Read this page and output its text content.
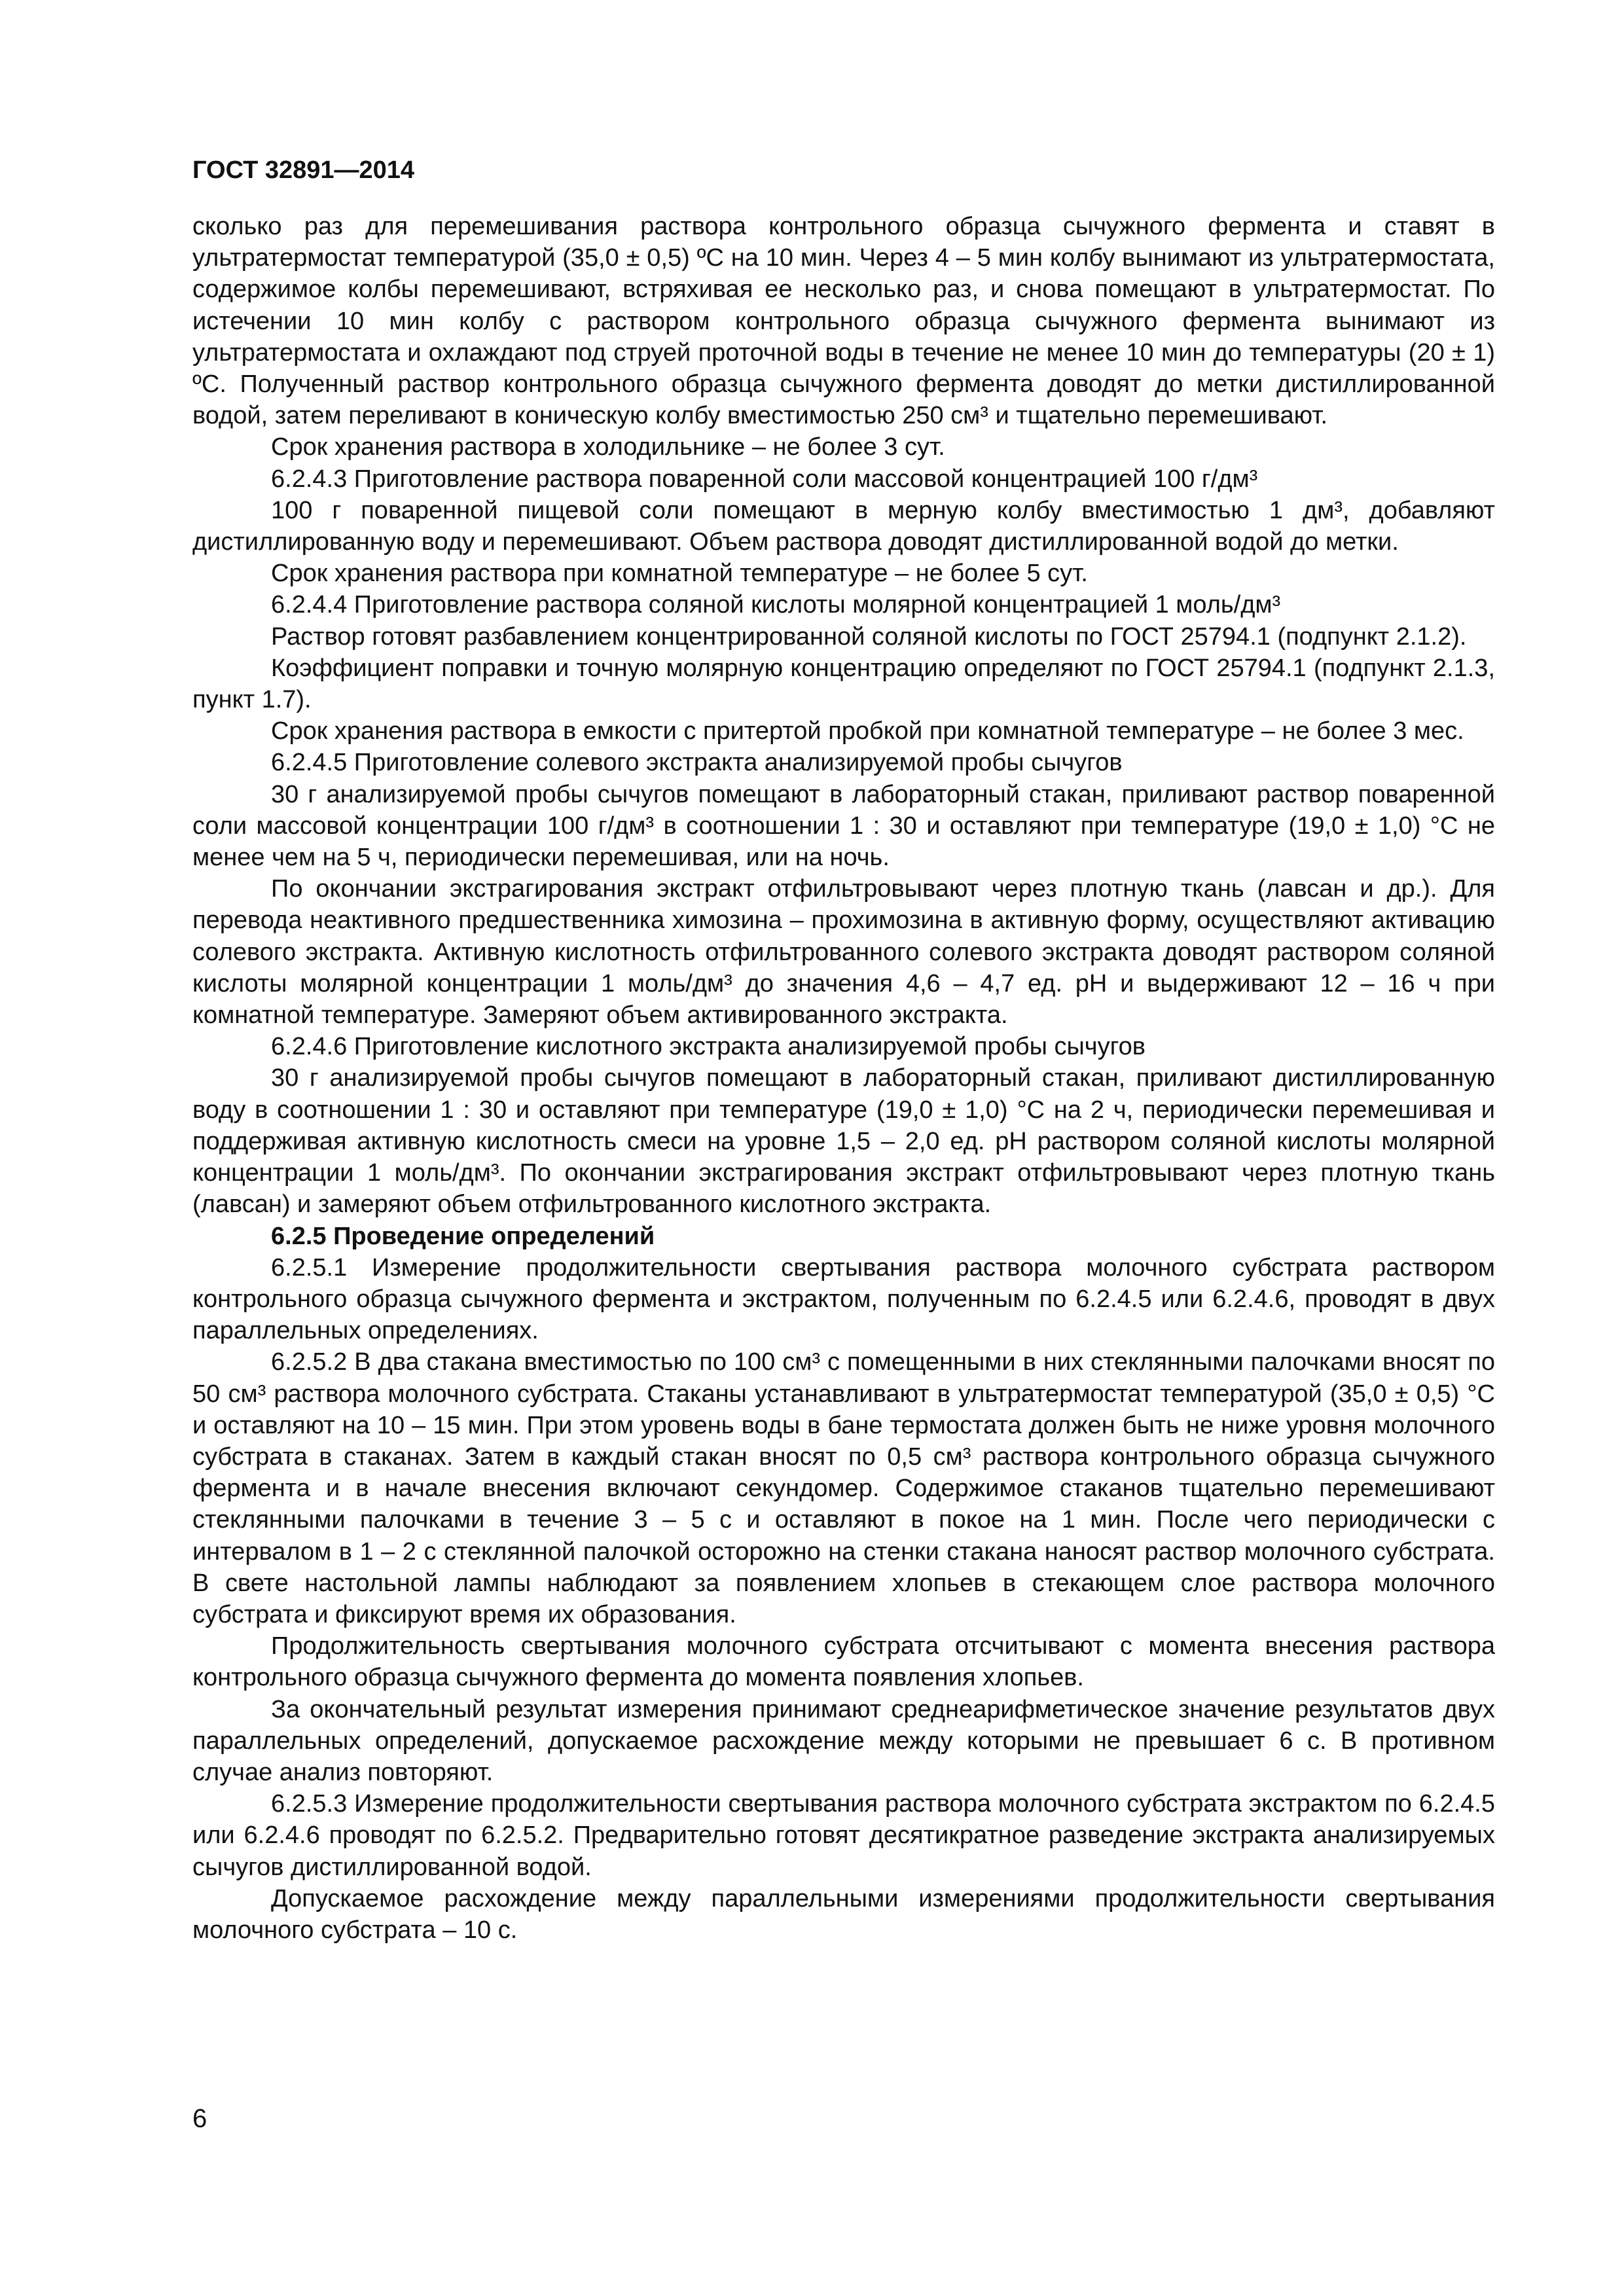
ГОСТ 32891—2014

сколько раз для перемешивания раствора контрольного образца сычужного фермента и ставят в ультратермостат температурой (35,0 ± 0,5) ºС на 10 мин. Через 4 – 5 мин колбу вынимают из ультратермостата, содержимое колбы перемешивают, встряхивая ее несколько раз, и снова помещают в ультратермостат. По истечении 10 мин колбу с раствором контрольного образца сычужного фермента вынимают из ультратермостата и охлаждают под струей проточной воды в течение не менее 10 мин до температуры (20 ± 1) ºС. Полученный раствор контрольного образца сычужного фермента доводят до метки дистиллированной водой, затем переливают в коническую колбу вместимостью 250 см³ и тщательно перемешивают.

Срок хранения раствора в холодильнике – не более 3 сут.

6.2.4.3 Приготовление раствора поваренной соли массовой концентрацией 100 г/дм³

100 г поваренной пищевой соли помещают в мерную колбу вместимостью 1 дм³, добавляют дистиллированную воду и перемешивают. Объем раствора доводят дистиллированной водой до метки.

Срок хранения раствора при комнатной температуре – не более 5 сут.

6.2.4.4 Приготовление раствора соляной кислоты молярной концентрацией 1 моль/дм³

Раствор готовят разбавлением концентрированной соляной кислоты по ГОСТ 25794.1 (подпункт 2.1.2).

Коэффициент поправки и точную молярную концентрацию определяют по ГОСТ 25794.1 (подпункт 2.1.3, пункт 1.7).

Срок хранения раствора в емкости с притертой пробкой при комнатной температуре – не более 3 мес.

6.2.4.5 Приготовление солевого экстракта анализируемой пробы сычугов

30 г анализируемой пробы сычугов помещают в лабораторный стакан, приливают раствор поваренной соли массовой концентрации 100 г/дм³ в соотношении 1 : 30 и оставляют при температуре (19,0 ± 1,0) °С не менее чем на 5 ч, периодически перемешивая, или на ночь.

По окончании экстрагирования экстракт отфильтровывают через плотную ткань (лавсан и др.). Для перевода неактивного предшественника химозина – прохимозина в активную форму, осуществляют активацию солевого экстракта. Активную кислотность отфильтрованного солевого экстракта доводят раствором соляной кислоты молярной концентрации 1 моль/дм³ до значения 4,6 – 4,7 ед. рН и выдерживают 12 – 16 ч при комнатной температуре. Замеряют объем активированного экстракта.

6.2.4.6 Приготовление кислотного экстракта анализируемой пробы сычугов

30 г анализируемой пробы сычугов помещают в лабораторный стакан, приливают дистиллированную воду в соотношении 1 : 30 и оставляют при температуре (19,0 ± 1,0) °С на 2 ч, периодически перемешивая и поддерживая активную кислотность смеси на уровне 1,5 – 2,0 ед. рН раствором соляной кислоты молярной концентрации 1 моль/дм³. По окончании экстрагирования экстракт отфильтровывают через плотную ткань (лавсан) и замеряют объем отфильтрованного кислотного экстракта.

6.2.5 Проведение определений

6.2.5.1 Измерение продолжительности свертывания раствора молочного субстрата раствором контрольного образца сычужного фермента и экстрактом, полученным по 6.2.4.5 или 6.2.4.6, проводят в двух параллельных определениях.

6.2.5.2 В два стакана вместимостью по 100 см³ с помещенными в них стеклянными палочками вносят по 50 см³ раствора молочного субстрата. Стаканы устанавливают в ультратермостат температурой (35,0 ± 0,5) °С и оставляют на 10 – 15 мин. При этом уровень воды в бане термостата должен быть не ниже уровня молочного субстрата в стаканах. Затем в каждый стакан вносят по 0,5 см³ раствора контрольного образца сычужного фермента и в начале внесения включают секундомер. Содержимое стаканов тщательно перемешивают стеклянными палочками в течение 3 – 5 с и оставляют в покое на 1 мин. После чего периодически с интервалом в 1 – 2 с стеклянной палочкой осторожно на стенки стакана наносят раствор молочного субстрата. В свете настольной лампы наблюдают за появлением хлопьев в стекающем слое раствора молочного субстрата и фиксируют время их образования.

Продолжительность свертывания молочного субстрата отсчитывают с момента внесения раствора контрольного образца сычужного фермента до момента появления хлопьев.

За окончательный результат измерения принимают среднеарифметическое значение результатов двух параллельных определений, допускаемое расхождение между которыми не превышает 6 с. В противном случае анализ повторяют.

6.2.5.3 Измерение продолжительности свертывания раствора молочного субстрата экстрактом по 6.2.4.5 или 6.2.4.6 проводят по 6.2.5.2. Предварительно готовят десятикратное разведение экстракта анализируемых сычугов дистиллированной водой.

Допускаемое расхождение между параллельными измерениями продолжительности свертывания молочного субстрата – 10 с.

6
